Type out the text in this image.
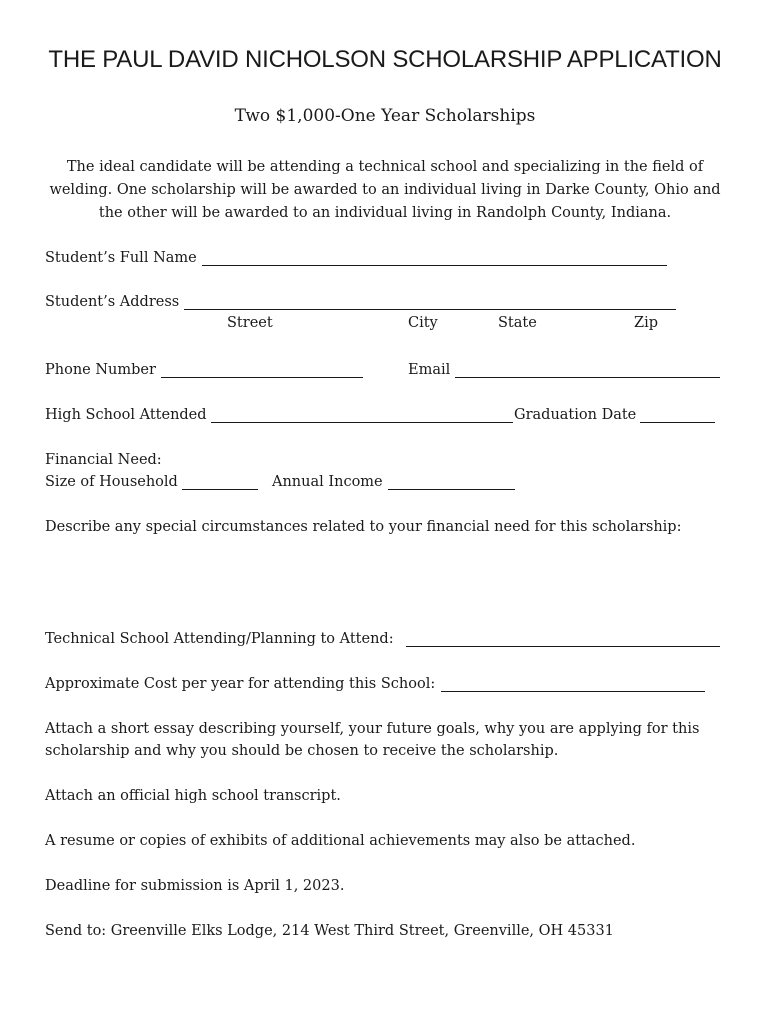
THE PAUL DAVID NICHOLSON SCHOLARSHIP APPLICATION
Two $1,000-One Year Scholarships
The ideal candidate will be attending a technical school and specializing in the field of welding. One scholarship will be awarded to an individual living in Darke County, Ohio and the other will be awarded to an individual living in Randolph County, Indiana.
Student’s Full Name
Student’s Address
Street	City	State	Zip
Phone Number	Email
High School Attended	Graduation Date
Financial Need:
Size of Household	Annual Income
Describe any special circumstances related to your financial need for this scholarship:
Technical School Attending/Planning to Attend:
Approximate Cost per year for attending this School:
Attach a short essay describing yourself, your future goals, why you are applying for this
scholarship and why you should be chosen to receive the scholarship.
Attach an official high school transcript.
A resume or copies of exhibits of additional achievements may also be attached.
Deadline for submission is April 1, 2023.
Send to: Greenville Elks Lodge, 214 West Third Street, Greenville, OH 45331
